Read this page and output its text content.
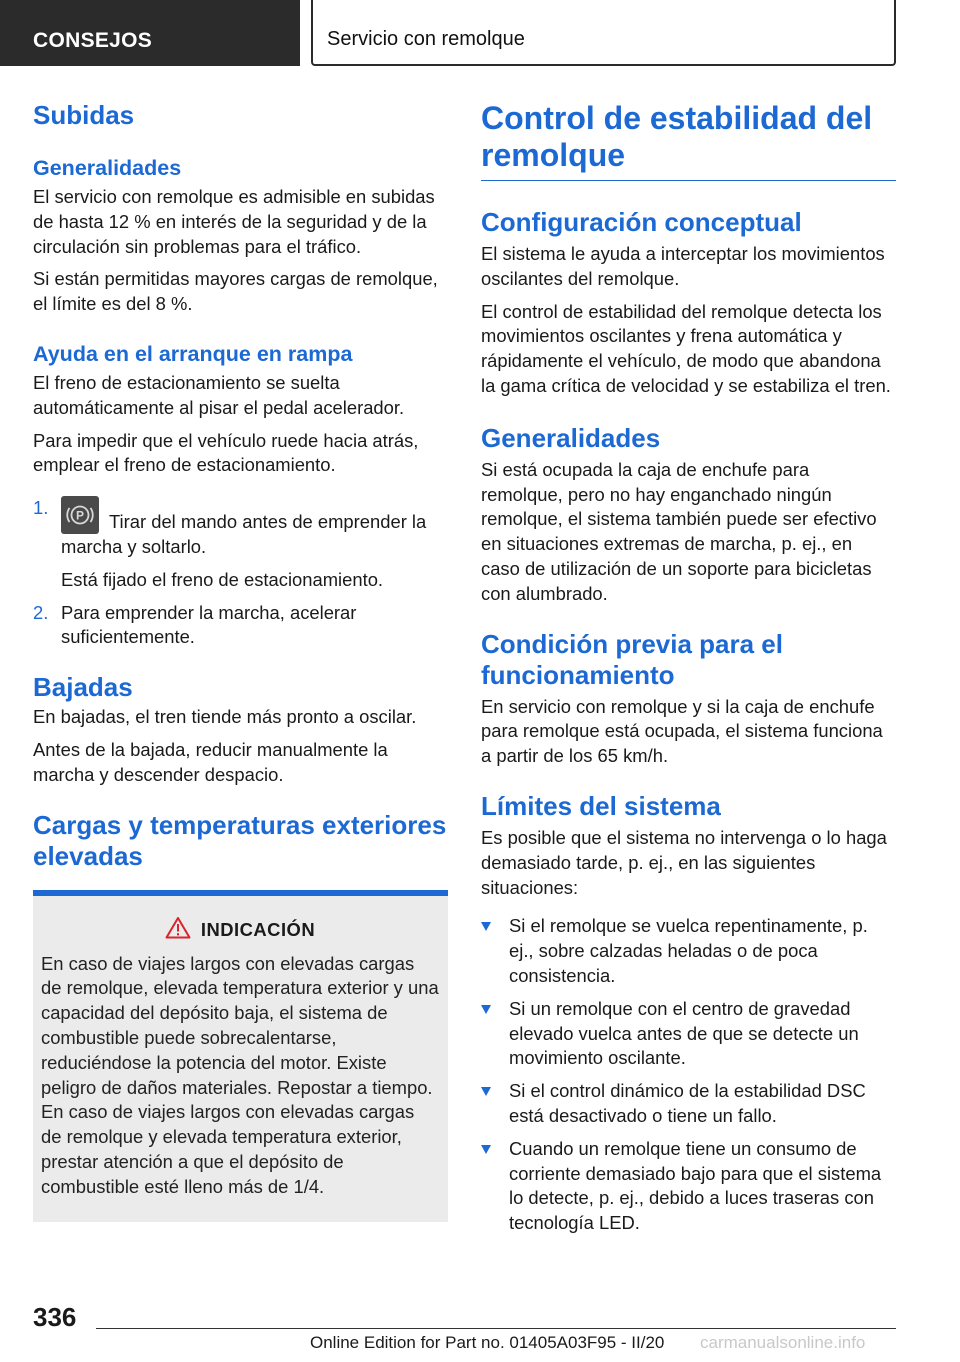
CONSEJOS	Servicio con remolque
Subidas
Generalidades

El servicio con remolque es admisible en subidas de hasta 12 % en interés de la seguridad y de la circulación sin problemas para el tráfico.

Si están permitidas mayores cargas de remolque, el límite es del 8 %.

Ayuda en el arranque en rampa

El freno de estacionamiento se suelta automáticamente al pisar el pedal acelerador.

Para impedir que el vehículo ruede hacia atrás, emplear el freno de estacionamiento.

1. P Tirar del mando antes de emprender la marcha y soltarlo.
Está fijado el freno de estacionamiento.
2. Para emprender la marcha, acelerar suficientemente.
Bajadas

En bajadas, el tren tiende más pronto a oscilar.

Antes de la bajada, reducir manualmente la marcha y descender despacio.

Cargas y temperaturas exteriores elevadas
INDICACIÓN

En caso de viajes largos con elevadas cargas de remolque, elevada temperatura exterior y una capacidad del depósito baja, el sistema de combustible puede sobrecalentarse, reduciéndose la potencia del motor. Existe peligro de daños materiales. Repostar a tiempo. En caso de viajes largos con elevadas cargas de remolque y elevada temperatura exterior, prestar atención a que el depósito de combustible esté lleno más de 1/4.

Control de estabilidad del remolque
Configuración conceptual

El sistema le ayuda a interceptar los movimientos oscilantes del remolque.

El control de estabilidad del remolque detecta los movimientos oscilantes y frena automática y rápidamente el vehículo, de modo que abandona la gama crítica de velocidad y se estabiliza el tren.

Generalidades

Si está ocupada la caja de enchufe para remolque, pero no hay enganchado ningún remolque, el sistema también puede ser efectivo en situaciones extremas de marcha, p. ej., en caso de utilización de un soporte para bicicletas con alumbrado.

Condición previa para el funcionamiento

En servicio con remolque y si la caja de enchufe para remolque está ocupada, el sistema funciona a partir de los 65 km/h.

Límites del sistema

Es posible que el sistema no intervenga o lo haga demasiado tarde, p. ej., en las siguientes situaciones:

Si el remolque se vuelca repentinamente, p. ej., sobre calzadas heladas o de poca consistencia.
Si un remolque con el centro de gravedad elevado vuelca antes de que se detecte un movimiento oscilante.
Si el control dinámico de la estabilidad DSC está desactivado o tiene un fallo.
Cuando un remolque tiene un consumo de corriente demasiado bajo para que el sistema lo detecte, p. ej., debido a luces traseras con tecnología LED.
336
Online Edition for Part no. 01405A03F95 - II/20 carmanualsonline.info
